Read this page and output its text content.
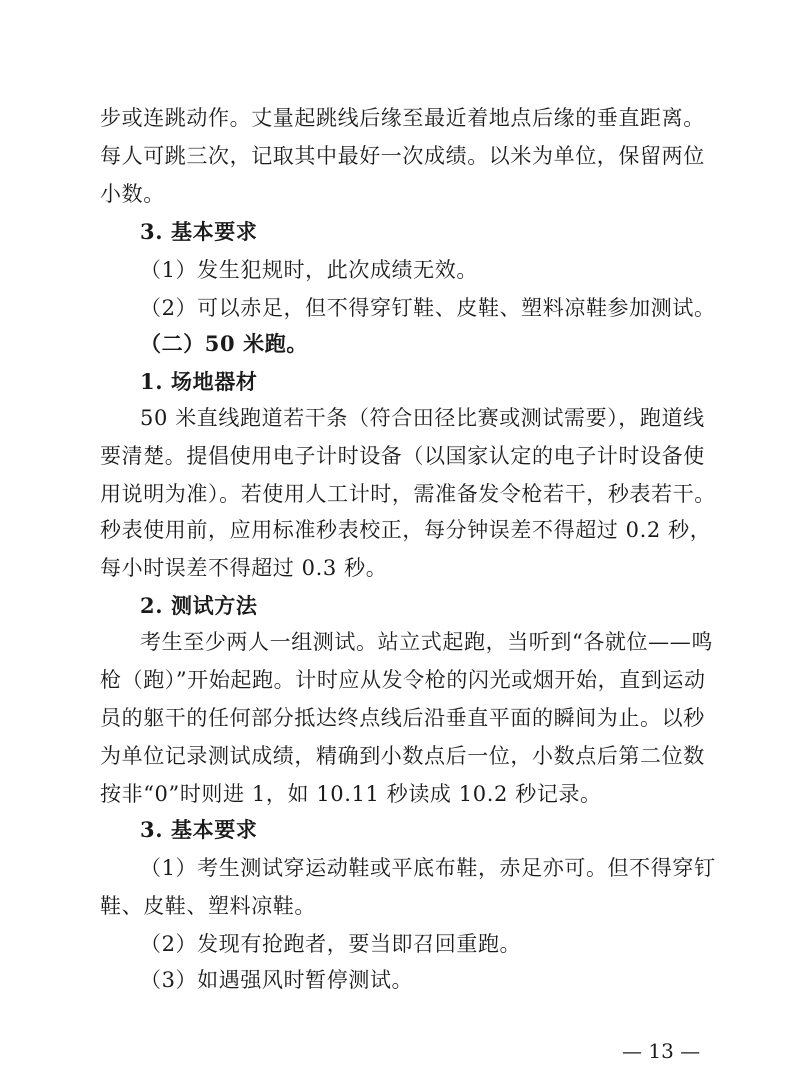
步或连跳动作。丈量起跳线后缘至最近着地点后缘的垂直距离。
每人可跳三次，记取其中最好一次成绩。以米为单位，保留两位
小数。
3. 基本要求
（1）发生犯规时，此次成绩无效。
（2）可以赤足，但不得穿钉鞋、皮鞋、塑料凉鞋参加测试。
（二）50 米跑。
1. 场地器材
50 米直线跑道若干条（符合田径比赛或测试需要），跑道线
要清楚。提倡使用电子计时设备（以国家认定的电子计时设备使
用说明为准）。若使用人工计时，需准备发令枪若干，秒表若干。
秒表使用前，应用标准秒表校正，每分钟误差不得超过 0.2 秒，
每小时误差不得超过 0.3 秒。
2. 测试方法
考生至少两人一组测试。站立式起跑，当听到“各就位——鸣
枪（跑）”开始起跑。计时应从发令枪的闪光或烟开始，直到运动
员的躯干的任何部分抵达终点线后沿垂直平面的瞬间为止。以秒
为单位记录测试成绩，精确到小数点后一位，小数点后第二位数
按非“0”时则进 1，如 10.11 秒读成 10.2 秒记录。
3. 基本要求
（1）考生测试穿运动鞋或平底布鞋，赤足亦可。但不得穿钉
鞋、皮鞋、塑料凉鞋。
（2）发现有抢跑者，要当即召回重跑。
（3）如遇强风时暂停测试。
— 13 —
